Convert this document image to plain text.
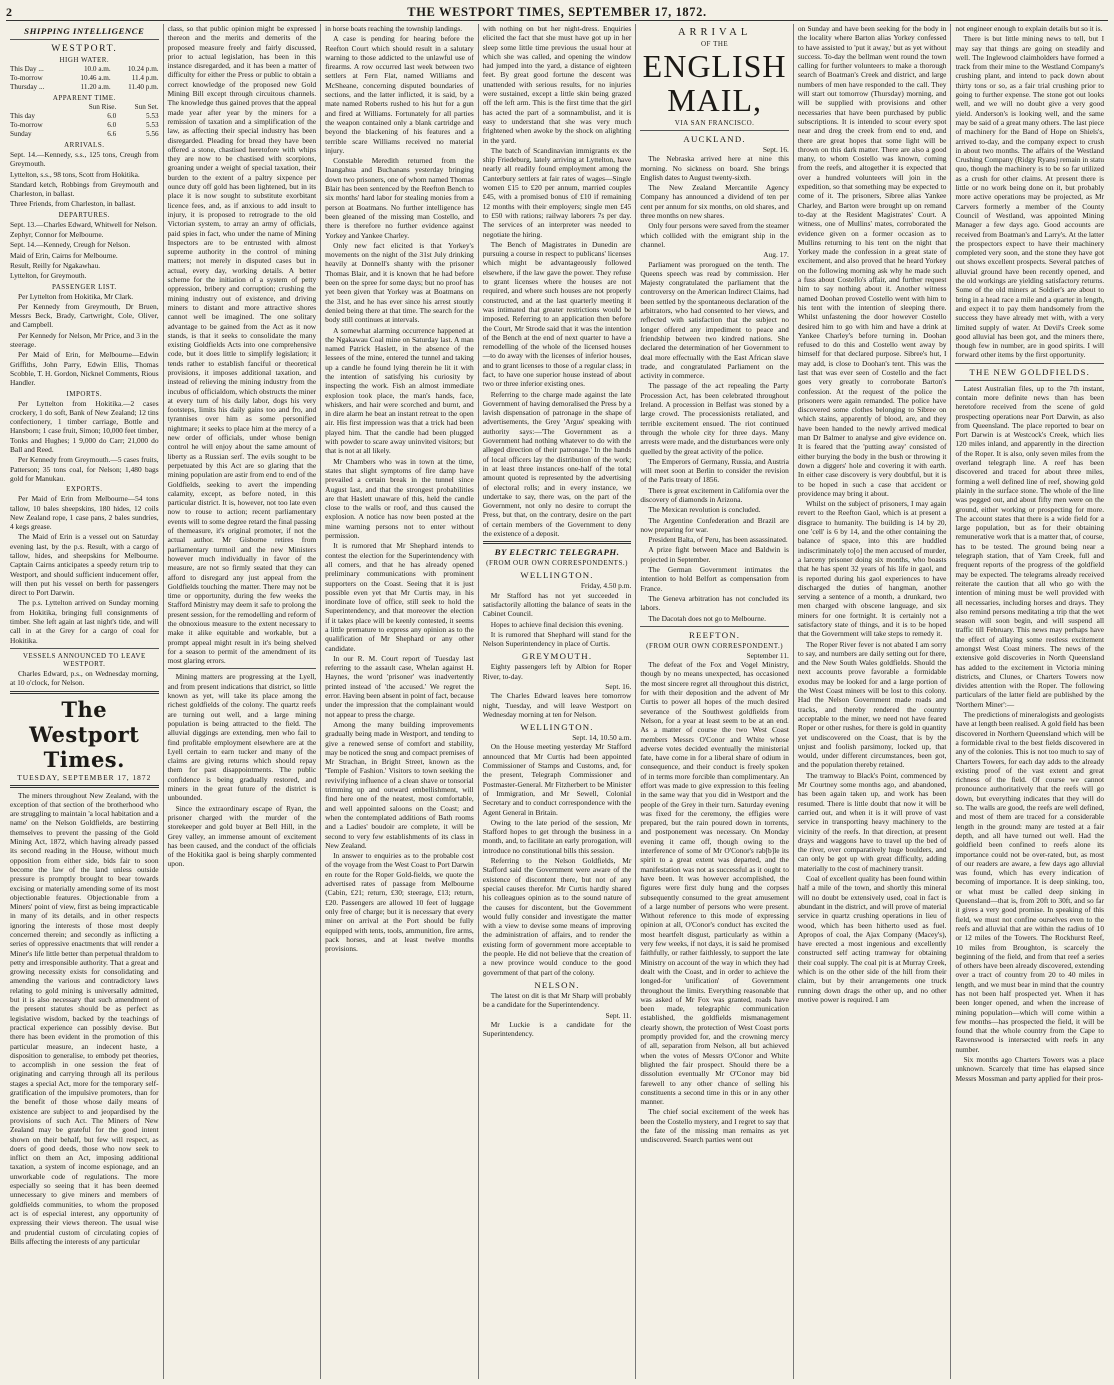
2	THE WESTPORT TIMES, SEPTEMBER 17, 1872.
SHIPPING INTELLIGENCE
WESTPORT.
HIGH WATER.
This Day ...	10.0 a.m.	10.24 p.m.
To-morrow	10.46 a.m.	11.4 p.m.
Thursday ...	11.20 a.m.	11.40 p.m.
APPARENT TIME.
	Sun Rise.	Sun Set.
This day	6.0	5.53
To-morrow	6.0	5.53
Sunday	6.6	5.56
ARRIVALS.

Sept. 14.—Kennedy, s.s., 125 tons, Creugh from Greymouth.

Lyttelton, s.s., 98 tons, Scott from Hokitika.

Standard ketch, Robbings from Greymouth and Charleston, in ballast.

Three Friends, from Charleston, in ballast.

DEPARTURES.

Sept. 13.—Charles Edward, Whitwell for Nelson.

Zephyr, Connor for Melbourne.

Sept. 14.—Kennedy, Creugh for Nelson.

Maid of Erin, Cairns for Melbourne.

Result, Reilly for Ngakawhau.

Lyttelton, for Greymouth.

PASSENGER LIST.

Per Lyttelton from Hokitika, Mr Clark.

Per Kennedy from Greymouth, Dr Bruen, Messrs Beck, Brady, Cartwright, Cole, Oliver, and Campbell.

Per Kennedy for Nelson, Mr Price, and 3 in the steerage.

Per Maid of Erin, for Melbourne—Edwin Griffiths, John Parry, Edwin Ellis, Thomas Scobble, T. H. Gordon, Nicknel Comments, Rious Handler.

IMPORTS.

Per Lyttelton from Hokitika.—2 cases crockery, 1 do soft, Bank of New Zealand; 12 tins confectionery, 1 timber carriage, Bottle and Hansborn; 1 case fruit, Simon; 10,000 feet timber, Tonks and Hughes; 1 9,000 do Carr; 21,000 do Ball and Reed.

Per Kennedy from Greymouth.—5 cases fruits, Patterson; 35 tons coal, for Nelson; 1,480 bags gold for Manukau.

EXPORTS.

Per Maid of Erin from Melbourne—54 tons tallow, 10 bales sheepskins, 180 hides, 12 coils New Zealand rope, 1 case pans, 2 bales sundries, 4 kegs grease.

The Maid of Erin is a vessel out on Saturday evening last, by the p.s. Result, with a cargo of tallow, hides, and sheepskins for Melbourne. Captain Cairns anticipates a speedy return trip to Westport, and should sufficient inducement offer, will then put his vessel on berth for passengers direct to Port Darwin.

The p.s. Lyttelton arrived on Sunday morning from Hokitika, bringing full consignments of timber. She left again at last night's tide, and will call in at the Grey for a cargo of coal for Hokitika.

VESSELS ANNOUNCED TO LEAVE WESTPORT.

Charles Edward, p.s., on Wednesday morning, at 10 o'clock, for Nelson.

The Westport Times.
TUESDAY, SEPTEMBER 17, 1872

The miners throughout New Zealand, with the exception of that section of the brotherhood who are struggling to maintain 'a local habitation and a name' on the Nelson Goldfields, are bestirring themselves to prevent the passing of the Gold Mining Act, 1872, which having already passed its second reading in the House, without much opposition from either side, bids fair to soon become the law of the land unless outside pressure is promptly brought to bear towards excising or materially amending some of its most objectionable features. Objectionable from a Miners' point of view, first as being impracticable in many of its details, and in other respects ignoring the interests of those most deeply concerned therein; and secondly as inflicting a series of oppressive enactments that will render a Miner's life little better than perpetual thraldom to petty and irresponsible authority. That a great and growing necessity exists for consolidating and amending the various and contradictory laws relating to gold mining is universally admitted, but it is also necessary that such amendment of the present statutes should be as perfect as legislative wisdom, backed by the teachings of practical experience can possibly devise. But there has been evident in the promotion of this particular measure, an indecent haste, a disposition to generalise, to embody pet theories, to accomplish in one session the feat of originating and carrying through all its perilous stages a special Act, more for the temporary self-gratification of the impulsive promoters, than for the benefit of those whose daily means of existence are subject to and jeopardised by the provisions of such Act. The Miners of New Zealand may be grateful for the good intent shown on their behalf, but few will respect, as doers of good deeds, those who now seek to inflict on them an Act, imposing additional taxation, a system of income espionage, and an unworkable code of regulations. The more especially so seeing that it has been deemed unnecessary to give miners and members of goldfields communities, to whom the proposed act is of especial interest, any opportunity of expressing their views thereon. The usual wise and prudential custom of circulating copies of Bills affecting the interests of any particular

class, so that public opinion might be expressed thereon and the merits and demerits of the proposed measure freely and fairly discussed, prior to actual legislation, has been in this instance disregarded, and it has been a matter of difficulty for either the Press or public to obtain a correct knowledge of the proposed new Gold Mining Bill except through circuitous channels. The knowledge thus gained proves that the appeal made year after year by the miners for a remission of taxation and a simplification of the law, as affecting their special industry has been disregarded. Pleading for bread they have been offered a stone, chastised heretofore with whips they are now to be chastised with scorpions, groaning under a weight of special taxation, their burden to the extent of a paltry sixpence per ounce duty off gold has been lightened, but in its place it is now sought to substitute exorbitant licence fees, and, as if anxious to add insult to injury, it is proposed to retrograde to the old Victorian system, to array an army of officials, paid spies in fact, who under the name of Mining Inspectors are to be entrusted with almost supreme authority in the control of mining matters; not merely in disputed cases but in actual, every day, working details. A better scheme for the initiation of a system of petty oppression, bribery and corruption; crushing the mining industry out of existence, and driving miners to distant and more attractive shores cannot well be imagined. The one solitary advantage to be gained from the Act as it now stands, is that it seeks to consolidate the many existing Goldfields Acts into one comprehensive code, but it does little to simplify legislation; it tends rather to establish fanciful or theoretical provisions, it imposes additional taxation, and instead of relieving the mining industry from the incubus of officialdom, which obstructs the miner at every turn of his daily labor, dogs his very footsteps, limits his daily gains too and fro, and tyrannises over him as some personified nightmare; it seeks to place him at the mercy of a new order of officials, under whose benign control he will enjoy about the same amount of liberty as a Russian serf. The evils sought to be perpetuated by this Act are so glaring that the mining population are astir from end to end of the Goldfields, seeking to avert the impending calamity, except, as before noted, in this particular district. It is, however, not too late even now to rouse to action; recent parliamentary events will to some degree retard the final passing of themeasure, it's original promoter, if not the actual author. Mr Gisborne retires from parliamentary turmoil and the new Ministers however much individually in favor of the measure, are not so firmly seated that they can afford to disregard any just appeal from the Goldfields touching the matter. There may not be time or opportunity, during the few weeks the Stafford Ministry may deem it safe to prolong the present session, for the remodelling and reform of the obnoxious measure to the extent necessary to make it alike equitable and workable, but a prompt appeal might result in it's being shelved for a season to permit of the amendment of its most glaring errors.

Mining matters are progressing at the Lyell, and from present indications that district, so little known as yet, will take its place among the richest goldfields of the colony. The quartz reefs are turning out well, and a large mining population is being attracted to the field. The alluvial diggings are extending, men who fail to find profitable employment elsewhere are at the Lyell certain to earn tucker and many of the claims are giving returns which should repay them for past disappointments. The public confidence is being gradually restored, and miners in the great future of the district is unbounded.

Since the extraordinary escape of Ryan, the prisoner charged with the murder of the storekeeper and gold buyer at Bell Hill, in the Grey valley, an immense amount of excitement has been caused, and the conduct of the officials of the Hokitika gaol is being sharply commented upon.

in horse boats reaching the township landings.

A case is pending for hearing before the Reefton Court which should result in a salutary warning to those addicted to the unlawful use of firearms. A row occurred last week between two settlers at Fern Flat, named Williams and McSheane, concerning disputed boundaries of sections, and the latter inflicted, it is said, by a mate named Roberts rushed to his hut for a gun and fired at Williams. Fortunately for all parties the weapon contained only a blank cartridge and beyond the blackening of his features and a terrible scare Williams received no material injury.

Constable Meredith returned from the Inangahua and Buchanans yesterday bringing down two prisoners, one of whom named Thomas Blair has been sentenced by the Reefton Bench to six months' hard labor for stealing monies from a person at Boatmans. No further intelligence has been gleaned of the missing man Costello, and there is therefore no further evidence against Yorkey and Yankee Charley.

Only new fact elicited is that Yorkey's movements on the night of the 31st July drinking heavily at Donnell's shanty with the prisoner Thomas Blair, and it is known that he had before been on the spree for some days; but no proof has yet been given that Yorkey was at Boatmans on the 31st, and he has ever since his arrest stoutly denied being there at that time. The search for the body still continues at intervals.

A somewhat alarming occurrence happened at the Ngakawau Coal mine on Saturday last. A man named Patrick Haslett, in the absence of the lessees of the mine, entered the tunnel and taking up a candle he found lying therein he lit it with the intention of satisfying his curiosity by inspecting the work. Fish an almost immediate explosion took place, the man's hands, face, whiskers, and hair were scorched and burnt, and in dire alarm he beat an instant retreat to the open air. His first impression was that a trick had been played him. That the candle had been plugged with powder to scare away uninvited visitors; but that is not at all likely.

Mr Chambers who was in town at the time, states that slight symptoms of fire damp have prevailed a certain break in the tunnel since August last, and that the strongest probabilities are that Haslett unaware of this, held the candle close to the walls or roof, and thus caused the explosion. A notice has now been posted at the mine warning persons not to enter without permission.

It is rumored that Mr Shephard intends to contest the election for the Superintendency with all comers, and that he has already opened preliminary communications with prominent supporters on the Coast. Seeing that it is just possible even yet that Mr Curtis may, in his inordinate love of office, still seek to hold the Superintendency, and that moreover the election if it takes place will be keenly contested, it seems a little premature to express any opinion as to the qualification of Mr Shephard or any other candidate.

In our R. M. Court report of Tuesday last referring to the assault case, Whelan against H. Haynes, the word 'prisoner' was inadvertently printed instead of 'the accused.' We regret the error. Having been absent in point of fact, because under the impression that the complainant would not appear to press the charge.

Among the many building improvements gradually being made in Westport, and tending to give a renewed sense of comfort and stability, may be noticed the snug and compact premises of Mr Strachan, in Bright Street, known as the 'Temple of Fashion.' Visitors to town seeking the revivifying influence of a clean shave or tonsorial trimming up and outward embellishment, will find here one of the neatest, most comfortable, and well appointed saloons on the Coast; and when the contemplated additions of Bath rooms and a Ladies' boudoir are complete, it will be second to very few establishments of its class in New Zealand.

In answer to enquiries as to the probable cost of the voyage from the West Coast to Port Darwin en route for the Roper Gold-fields, we quote the advertised rates of passage from Melbourne (Cabin, £21; return, £30; steerage, £13; return, £20. Passengers are allowed 10 feet of luggage only free of charge; but it is necessary that every miner on arrival at the Port should be fully equipped with tents, tools, ammunition, fire arms, pack horses, and at least twelve months provisions.

with nothing on but her night-dress. Enquiries elicited the fact that she must have got up in her sleep some little time previous the usual hour at which she was called, and opening the window had jumped into the yard, a distance of eighteen feet. By great good fortune the descent was unattended with serious results, for no injuries were sustained, except a little skin being grazed off the left arm. This is the first time that the girl has acted the part of a somnambulist, and it is easy to understand that she was very much frightened when awoke by the shock on alighting in the yard.

The batch of Scandinavian immigrants ex the ship Friedeburg, lately arriving at Lyttelton, have nearly all readily found employment among the Canterbury settlers at fair rates of wages—Single women £15 to £20 per annum, married couples £45, with a promised bonus of £10 if remaining 12 months with their employers; single men £45 to £50 with rations; railway laborers 7s per day. The services of an interpreter was needed to negotiate the hiring.

The Bench of Magistrates in Dunedin are pursuing a course in respect to publicans' licenses which might be advantageously followed elsewhere, if the law gave the power. They refuse to grant licenses where the houses are not required, and where such houses are not properly constructed, and at the last quarterly meeting it was intimated that greater restrictions would be imposed. Referring to an application then before the Court, Mr Strode said that it was the intention of the Bench at the end of next quarter to have a remodelling of the whole of the licensed houses—to do away with the licenses of inferior houses, and to grant licenses to those of a regular class; in fact, to have one superior house instead of about two or three inferior existing ones.

Referring to the charge made against the late Government of having demoralised the Press by a lavish dispensation of patronage in the shape of advertisements, the Grey 'Argus' speaking with authority says:—'The Government as a Government had nothing whatever to do with the alleged direction of their patronage.' In the hands of local officers lay the distribution of the work; in at least three instances one-half of the total amount quoted is represented by the advertising of electoral rolls; and in every instance, we undertake to say, there was, on the part of the Government, not only no desire to corrupt the Press, but that, on the contrary, desire on the part of certain members of the Government to deny the existence of a deposit.

BY ELECTRIC TELEGRAPH.
(FROM OUR OWN CORRESPONDENTS.)
WELLINGTON.
Friday, 4.50 p.m.

Mr Stafford has not yet succeeded in satisfactorily allotting the balance of seats in the Cabinet Council.

Hopes to achieve final decision this evening.

It is rumored that Shephard will stand for the Nelson Superintendency in place of Curtis.

GREYMOUTH.

Eighty passengers left by Albion for Roper River, to-day.

Sept. 16.

The Charles Edward leaves here tomorrow night, Tuesday, and will leave Westport on Wednesday morning at ten for Nelson.

WELLINGTON.
Sept. 14, 10.50 a.m.

On the House meeting yesterday Mr Stafford announced that Mr Curtis had been appointed Commissioner of Stamps and Customs, and, for the present, Telegraph Commissioner and Postmaster-General. Mr Fitzherbert to be Minister of Immigration, and Mr Sewell, Colonial Secretary and to conduct correspondence with the Agent General in Britain.

Owing to the late period of the session, Mr Stafford hopes to get through the business in a month, and, to facilitate an early prorogation, will introduce no constitutional bills this session.

Referring to the Nelson Goldfields, Mr Stafford said the Government were aware of the existence of discontent there, but not of any special causes therefor. Mr Curtis hardly shared his colleagues opinion as to the sound nature of the causes for discontent, but the Government would fully consider and investigate the matter with a view to devise some means of improving the administration of affairs, and to render the existing form of government more acceptable to the people. He did not believe that the creation of a new province would conduce to the good government of that part of the colony.

NELSON.

The latest on dit is that Mr Sharp will probably be a candidate for the Superintendency.

Sept. 11.

Mr Luckie is a candidate for the Superintendency.

ARRIVAL
OF THE
ENGLISH MAIL,
VIA SAN FRANCISCO.
AUCKLAND.
Sept. 16.

The Nebraska arrived here at nine this morning. No sickness on board. She brings English dates to August twenty-sixth.

The New Zealand Mercantile Agency Company has announced a dividend of ten per cent per annum for six months, on old shares, and three months on new shares.

Only four persons were saved from the steamer which collided with the emigrant ship in the channel.

Aug. 17.

Parliament was prorogued on the tenth. The Queens speech was read by commission. Her Majesty congratulated the parliament that the controversy on the American Indirect Claims, had been settled by the spontaneous declaration of the arbitrators, who had consented to her views, and reflected with satisfaction that the subject no longer offered any impediment to peace and friendship between two kindred nations. She declared the determination of her Government to deal more effectually with the East African slave trade, and congratulated Parliament on the activity in commerce.

The passage of the act repealing the Party Procession Act, has been celebrated throughout Ireland. A procession in Belfast was stoned by a large crowd. The processionists retaliated, and terrible excitement ensued. The riot continued through the whole city for three days. Many arrests were made, and the disturbances were only quelled by the great activity of the police.

The Emperors of Germany, Russia, and Austria will meet soon at Berlin to consider the revision of the Paris treaty of 1856.

There is great excitement in California over the discovery of diamonds in Arizona.

The Mexican revolution is concluded.

The Argentine Confederation and Brazil are now preparing for war.

President Balta, of Peru, has been assassinated.

A prize fight between Mace and Baldwin is projected in September.

The German Government intimates the intention to hold Belfort as compensation from France.

The Geneva arbitration has not concluded its labors.

The Dacotah does not go to Melbourne.

REEFTON.
(FROM OUR OWN CORRESPONDENT.)
September 11.

The defeat of the Fox and Vogel Ministry, though by no means unexpected, has occasioned the most sincere regret all throughout this district, for with their deposition and the advent of Mr Curtis to power all hopes of the much desired severance of the Southwest goldfields from Nelson, for a year at least seem to be at an end. As a matter of course the two West Coast members Messrs O'Conor and White whose adverse votes decided eventually the ministerial fate, have come in for a liberal share of odium in consequence, and their conduct is freely spoken of in terms more forcible than complimentary. An effort was made to give expression to this feeling in the same way that you did in Westport and the people of the Grey in their turn. Saturday evening was fixed for the ceremony, the effigies were prepared, but the rain poured down in torrents, and postponement was necessary. On Monday evening it came off, though owing to the interference of some of Mr O'Conor's rab[b]le its spirit to a great extent was departed, and the manifestation was not as successful as it ought to have been. It was however accomplished, the figures were first duly hung and the corpses subsequently consumed to the great amusement of a large number of persons who were present. Without reference to this mode of expressing opinion at all, O'Conor's conduct has excited the most heartfelt disgust, particularly as within a very few weeks, if not days, it is said he promised faithfully, or rather faithlessly, to support the late Ministry on account of the way in which they had dealt with the Coast, and in order to achieve the longed-for 'unification' of Government throughout the limits. Everything reasonable that was asked of Mr Fox was granted, roads have been made, telegraphic communication established, the goldfields mismanagement clearly shown, the protection of West Coast ports promptly provided for, and the crowning mercy of all, separation from Nelson, all but achieved when the votes of Messrs O'Conor and White blighted the fair prospect. Should there be a dissolution eventually Mr O'Conor may bid farewell to any other chance of selling his constituents a second time in this or in any other manner.

The chief social excitement of the week has been the Costello mystery, and I regret to say that the fate of the missing man remains as yet undiscovered. Search parties went out

on Sunday and have been seeking for the body in the locality where Barton alias Yorkey confessed to have assisted to 'put it away,' but as yet without success. To-day the bellman went round the town calling for further volunteers to make a thorough search of Boatman's Creek and district, and large numbers of men have responded to the call. They will start out tomorrow (Thursday) morning, and will be supplied with provisions and other necessaries that have been purchased by public subscriptions. It is intended to scour every spot near and dreg the creek from end to end, and there are great hopes that some light will be thrown on this dark matter. There are also a good many, to whom Costello was known, coming from the reefs, and altogether it is expected that over a hundred volunteers will join in the expedition, so that something may be expected to come of it. The prisoners, Sibree alias Yankee Charley, and Barton were brought up on remand to-day at the Resident Magistrates' Court. A witness, one of Mullins' mates, corroborated the evidence given on a former occasion as to Mullins returning to his tent on the night that Yorkey made the confession in a great state of excitement, and also proved that he heard Yorkey on the following morning ask why he made such a fuss about Costello's affair, and further request him to say nothing about it. Another witness named Doohan proved Costello went with him to his tent with the intention of sleeping there. Whilst unfastening the door however Costello desired him to go with him and have a drink at Yankee Charley's before turning in. Doohan refused to do this and Costello went away by himself for that declared purpose. Sibree's hut, I may add, is close to Doohan's tent. This was the last that was ever seen of Costello and the fact goes very greatly to corroborate Barton's confession. At the request of the police the prisoners were again remanded. The police have discovered some clothes belonging to Sibree on which stains, apparently of blood, are, and they have been handed to the newly arrived medical man Dr Balmer to analyse and give evidence on. It is feared that the 'putting away' consisted of either burying the body in the bush or throwing it down a diggers' hole and covering it with earth. In either case discovery is very doubtful, but it is to be hoped in such a case that accident or providence may bring it about.

Whilst on the subject of prisoners, I may again revert to the Reefton Gaol, which is at present a disgrace to humanity. The building is 14 by 20, one 'cell' is 6 by 14, and the other containing the balance of space, into this are huddled indiscriminately to[o] the men accused of murder, a larceny prisoner doing six months, who boasts that he has spent 32 years of his life in gaol, and is reported during his gaol experiences to have discharged the duties of hangman, another serving a sentence of a month, a drunkard, two men charged with obscene language, and six miners for one fortnight. It is certainly not a satisfactory state of things, and it is to be hoped that the Government will take steps to remedy it.

The Roper River fever is not abated I am sorry to say, and numbers are daily setting out for there, and the New South Wales goldfields. Should the next accounts prove favorable a formidable exodus may be looked for and a large portion of the West Coast miners will be lost to this colony. Had the Nelson Government made roads and tracks, and thereby rendered the country acceptable to the miner, we need not have feared Roper or other rushes, for there is gold in quantity yet undiscovered on the Coast, that is by the unjust and foolish parsimony, locked up, that would, under different circumstances, been got, and the population thereby retained.

The tramway to Black's Point, commenced by Mr Courtney some months ago, and abandoned, has been again taken up, and work has been resumed. There is little doubt that now it will be carried out, and when it is it will prove of vast service in transporting heavy machinery to the vicinity of the reefs. In that direction, at present drays and waggons have to travel up the bed of the river, over comparatively huge boulders, and can only be got up with great difficulty, adding materially to the cost of machinery transit.

Coal of excellent quality has been found within half a mile of the town, and shortly this mineral will no doubt be extensively used, coal in fact is abundant in the district, and will prove of material service in quartz crushing operations in lieu of wood, which has been hitherto used as fuel. Apropos of coal, the Ajax Company (Macey's), have erected a most ingenious and excellently constructed self acting tramway for obtaining their coal supply. The coal pit is at Murray Creek, which is on the other side of the hill from their claim, but by their arrangements one truck running down drags the other up, and no other motive power is required. I am

not engineer enough to explain details but so it is.

There is but little mining news to tell, but I may say that things are going on steadily and well. The Inglewood claimholders have formed a track from their mine to the Westland Company's crushing plant, and intend to pack down about thirty tons or so, as a fair trial crushing prior to going to further expense. The stone got out looks well, and we will no doubt give a very good yield. Anderson's is looking well, and the same may be said of a great many others. The last piece of machinery for the Band of Hope on Shiels's, arrived to-day, and the company expect to crush in about two months. The affairs of the Westland Crushing Company (Ridgy Ryans) remain in statu quo, though the machinery is to be so far utilized as a crush for other claims. At present there is little or no work being done on it, but probably more active operations may be projected, as Mr Carvers formerly a member of the County Council of Westland, was appointed Mining Manager a few days ago. Good accounts are received from Boatman's and Larry's. At the latter the prospectors expect to have their machinery completed very soon, and the stone they have got out shows excellent prospects. Several patches of alluvial ground have been recently opened, and the old workings are yielding satisfactory returns. Some of the old miners at Soldier's are about to bring in a head race a mile and a quarter in length, and expect it to pay them handsomely from the success they have already met with, with a very limited supply of water. At Devil's Creek some good alluvial has been got, and the miners there, though few in number, are in good spirits. I will forward other items by the first opportunity.

THE NEW GOLDFIELDS.

Latest Australian files, up to the 7th instant, contain more definite news than has been heretofore received from the scene of gold prospecting operations near Port Darwin, as also from Queensland. The place reported to bear on Port Darwin is at Westcock's Creek, which lies 120 miles inland, and apparently in the direction of the Roper. It is also, only seven miles from the overland telegraph line. A reef has been discovered and traced for about three miles, forming a well defined line of reef, showing gold plainly in the surface stone. The whole of the line was pegged out, and about fifty men were on the ground, either working or prospecting for more. The account states that there is a wide field for a large population, but as for their obtaining remunerative work that is a matter that, of course, has to be tested. The ground being near a telegraph station, that of Yam Creek, full and frequent reports of the progress of the goldfield may be expected. The telegrams already received reiterate the caution that all who go with the intention of mining must be well provided with all necessaries, including horses and drays. They also remind persons meditating a trip that the wet season will soon begin, and will suspend all traffic till February. This news may perhaps have the effect of allaying some restless excitement amongst West Coast miners. The news of the extensive gold discoveries in North Queensland has added to the excitement in Victoria mining districts, and Clunes, or Charters Towers now divides attention with the Roper. The following particulars of the latter field are published by the 'Northern Miner':—

The predictions of mineralogists and geologists have at length been realised. A gold field has been discovered in Northern Queensland which will be a formidable rival to the best fields discovered in any of the colonies. This is not too much to say of Charters Towers, for each day adds to the already existing proof of the vast extent and great richness of the field. Of course we cannot pronounce authoritatively that the reefs will go down, but everything indicates that they will do so. The walls are good, the reefs are well defined, and most of them are traced for a considerable length in the ground: many are tested at a fair depth, and all have turned out well. Had the goldfield been confined to reefs alone its importance could not be over-rated, but, as most of our readers are aware, a few days ago alluvial was found, which has every indication of becoming of importance. It is deep sinking, too, or what must be called deep sinking in Queensland—that is, from 20ft to 30ft, and so far it gives a very good promise. In speaking of this field, we must not confine ourselves even to the reefs and alluvial that are within the radius of 10 or 12 miles of the Towers. The Rockhurst Reef, 10 miles from Broughton, is scarcely the beginning of the field, and from that reef a series of others have been already discovered, extending over a tract of country from 20 to 40 miles in length, and we must bear in mind that the country has not been half prospected yet. When it has been longer opened, and when the increase of mining population—which will come within a few months—has prospected the field, it will be found that the whole country from the Cape to Ravenswood is intersected with reefs in any number.

Six months ago Charters Towers was a place unknown. Scarcely that time has elapsed since Messrs Mossman and party applied for their pros-
